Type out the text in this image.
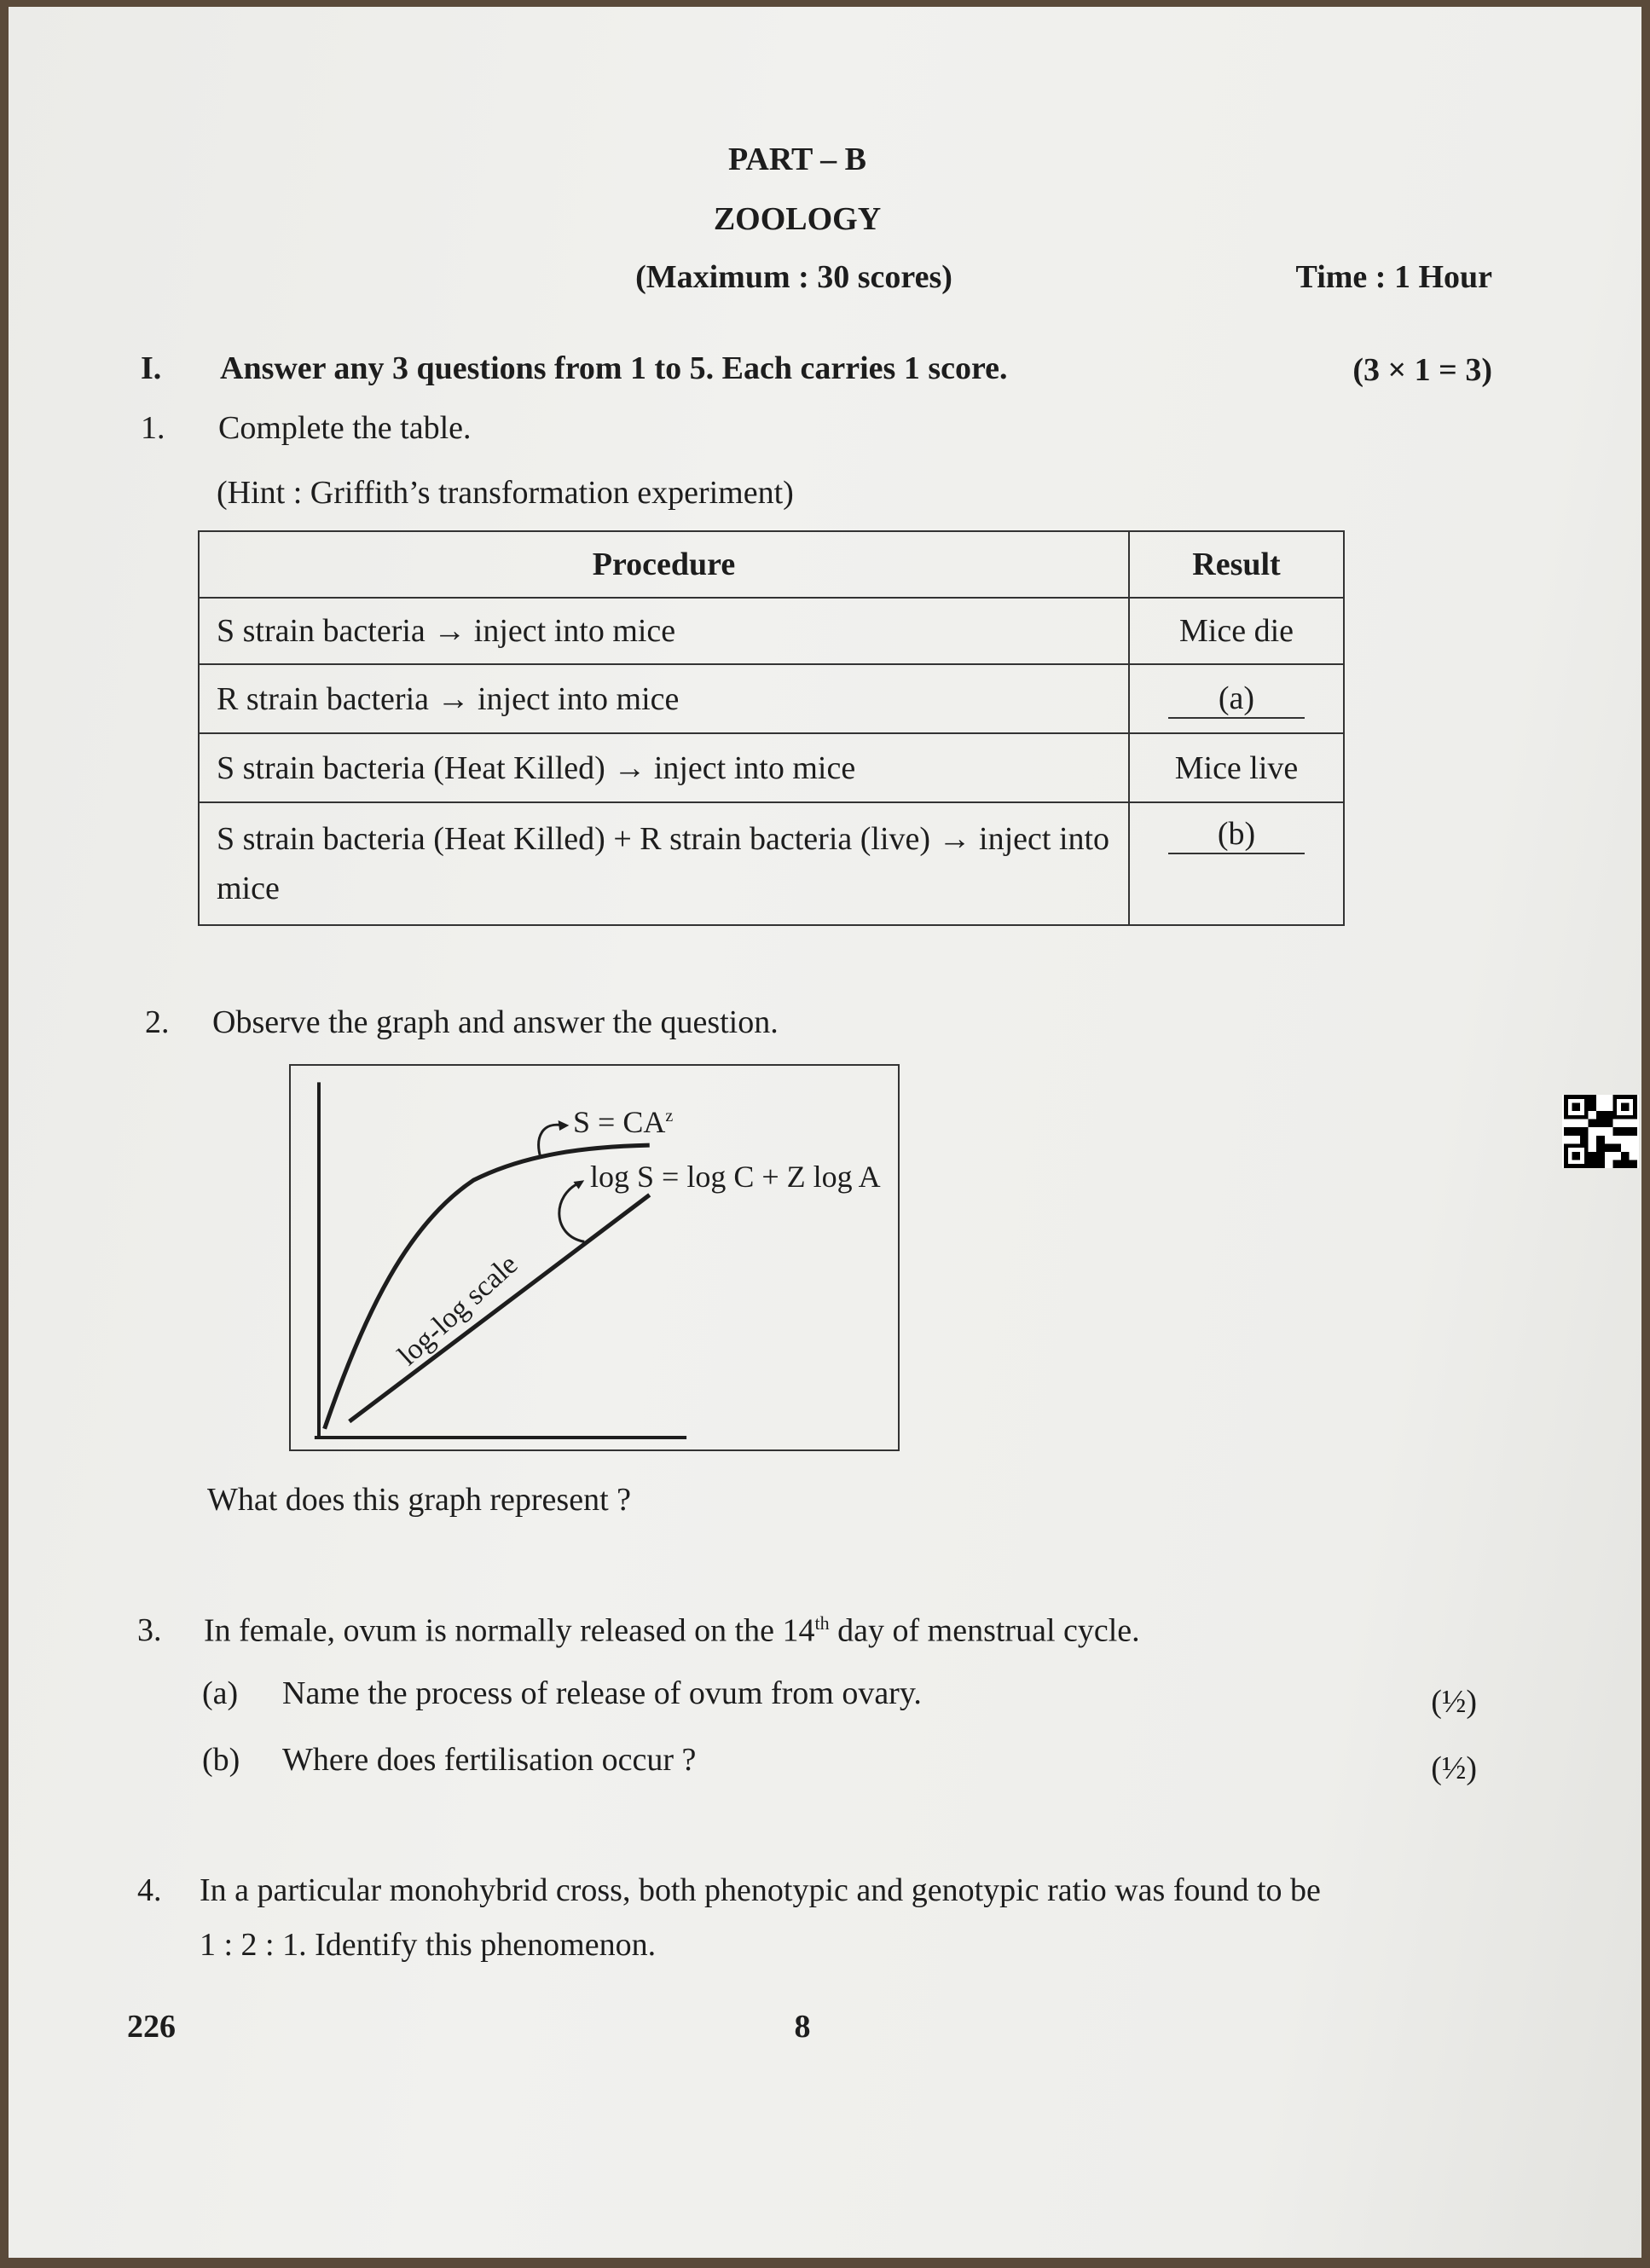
PART – B
ZOOLOGY
(Maximum : 30 scores)	Time : 1 Hour
I. Answer any 3 questions from 1 to 5. Each carries 1 score.	(3 × 1 = 3)
1. Complete the table.
(Hint : Griffith’s transformation experiment)
Procedure	Result
S strain bacteria → inject into mice	Mice die
R strain bacteria → inject into mice	(a)
S strain bacteria (Heat Killed) → inject into mice	Mice live
S strain bacteria (Heat Killed) + R strain bacteria (live) → inject into mice	(b)
2. Observe the graph and answer the question.
$S = CA^z$
log S = log C + Z log A
log-log scale
What does this graph represent ?
3. In female, ovum is normally released on the 14th day of menstrual cycle.
(a) Name the process of release of ovum from ovary.	(½)
(b) Where does fertilisation occur ?	(½)
4. In a particular monohybrid cross, both phenotypic and genotypic ratio was found to be
1 : 2 : 1. Identify this phenomenon.
226	8
